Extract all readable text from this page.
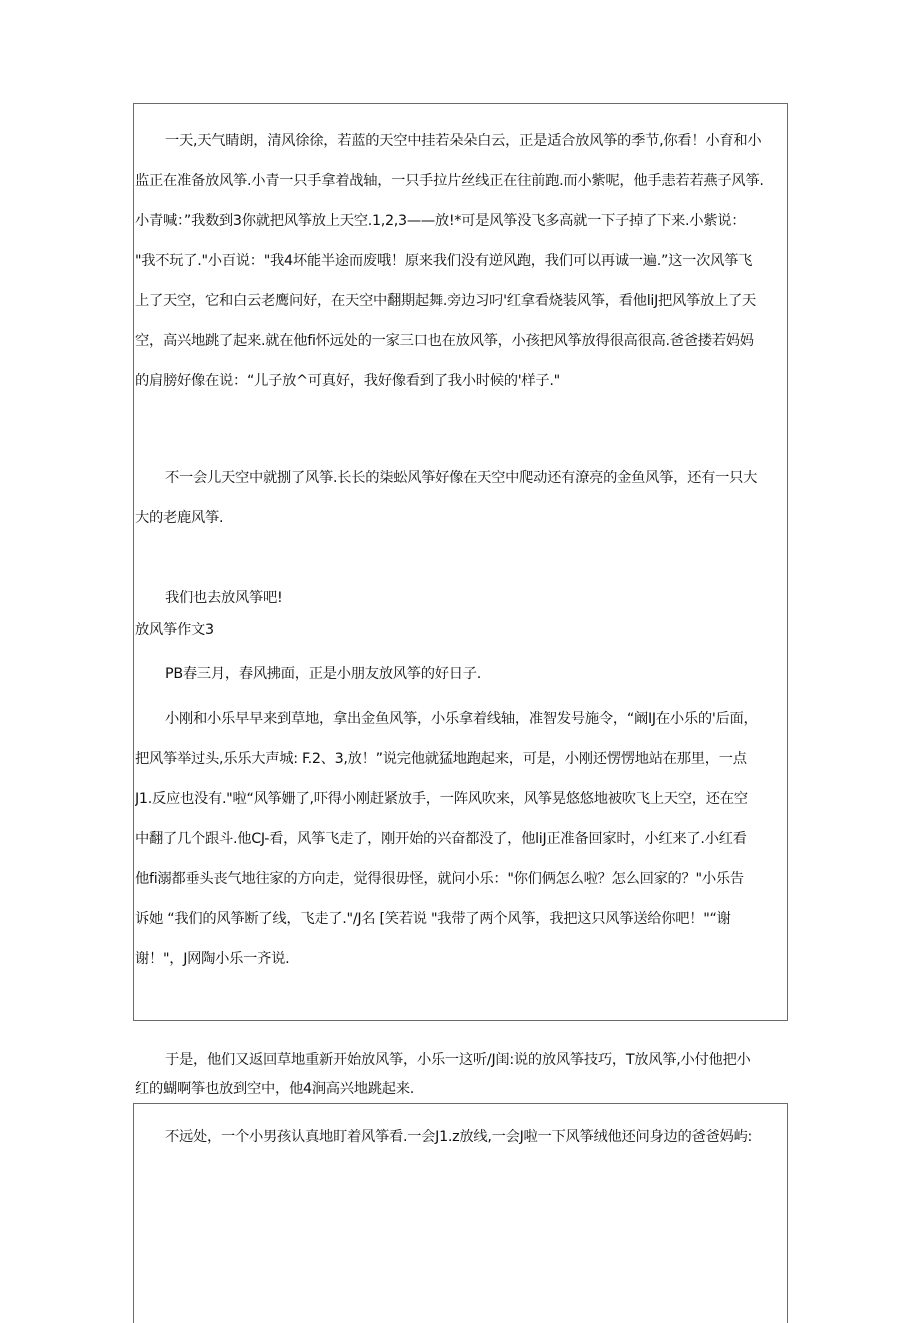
一天,天气睛朗，清风徐徐，若蓝的天空中挂若朵朵白云，正是适合放风筝的季节,你看！小育和小
监正在准备放风筝.小青一只手拿着战轴，一只手拉片丝线正在往前跑.而小紫呢，他手恚若若燕子风筝.
小青喊：”我数到3你就把风筝放上天空.1,2,3——放!*可是风筝没飞多高就一下子掉了下来.小紫说：
"我不玩了."小百说："我4坏能半途而废哦！原来我们没有逆风跑，我们可以再诚一遍.”这一次风筝飞
上了天空，它和白云老鹰问好，在天空中翻期起舞.旁边习叼'红拿看烧装风筝，看他liJ把风筝放上了天
空，高兴地跳了起来.就在他fi怀远处的一家三口也在放风筝，小孩把风筝放得很高很高.爸爸搂若妈妈
的肩膀好像在说：“儿子放^可真好，我好像看到了我小时候的'样子."
不一会儿天空中就捌了风筝.长长的柒蚣风筝好像在天空中爬动还有潦亮的金鱼风筝，还有一只大
大的老鹿风筝.
我们也去放风筝吧!
放风筝作文3
PB春三月，春风拂面，正是小朋友放风筝的好日子.
小刚和小乐早早来到草地，拿出金鱼风筝，小乐拿着线轴，准智发号施令，“阚IJ在小乐的'后面，
把风筝举过头,乐乐大声城: F.2、3,放！”说完他就猛地跑起来，可是，小刚还愣愣地站在那里，一点
J1.反应也没有."啦“风筝姗了,吓得小刚赶紧放手，一阵风吹来，风筝晃悠悠地被吹飞上天空，还在空
中翻了几个跟斗.他CJ-看，风筝飞走了，刚开始的兴奋都没了，他liJ正准备回家时，小红来了.小红看
他fi溺都垂头丧气地往家的方向走，觉得很毋怪，就问小乐："你们俩怎么啦？怎么回家的？"小乐告
诉她 “我们的风筝断了线，飞走了."/J名 [笑若说 "我带了两个风筝，我把这只风筝送给你吧！"“谢
谢！"，J网陶小乐一齐说.
于是，他们又返回草地重新开始放风筝，小乐一这听/J闺:说的放风筝技巧，T放风筝,小付他把小
红的蝴啊筝也放到空中，他4涧高兴地跳起来.
不远处，一个小男孩认真地盯着风筝看.一会J1.z放线,一会J啦一下风筝绒他还问身边的爸爸妈屿:
